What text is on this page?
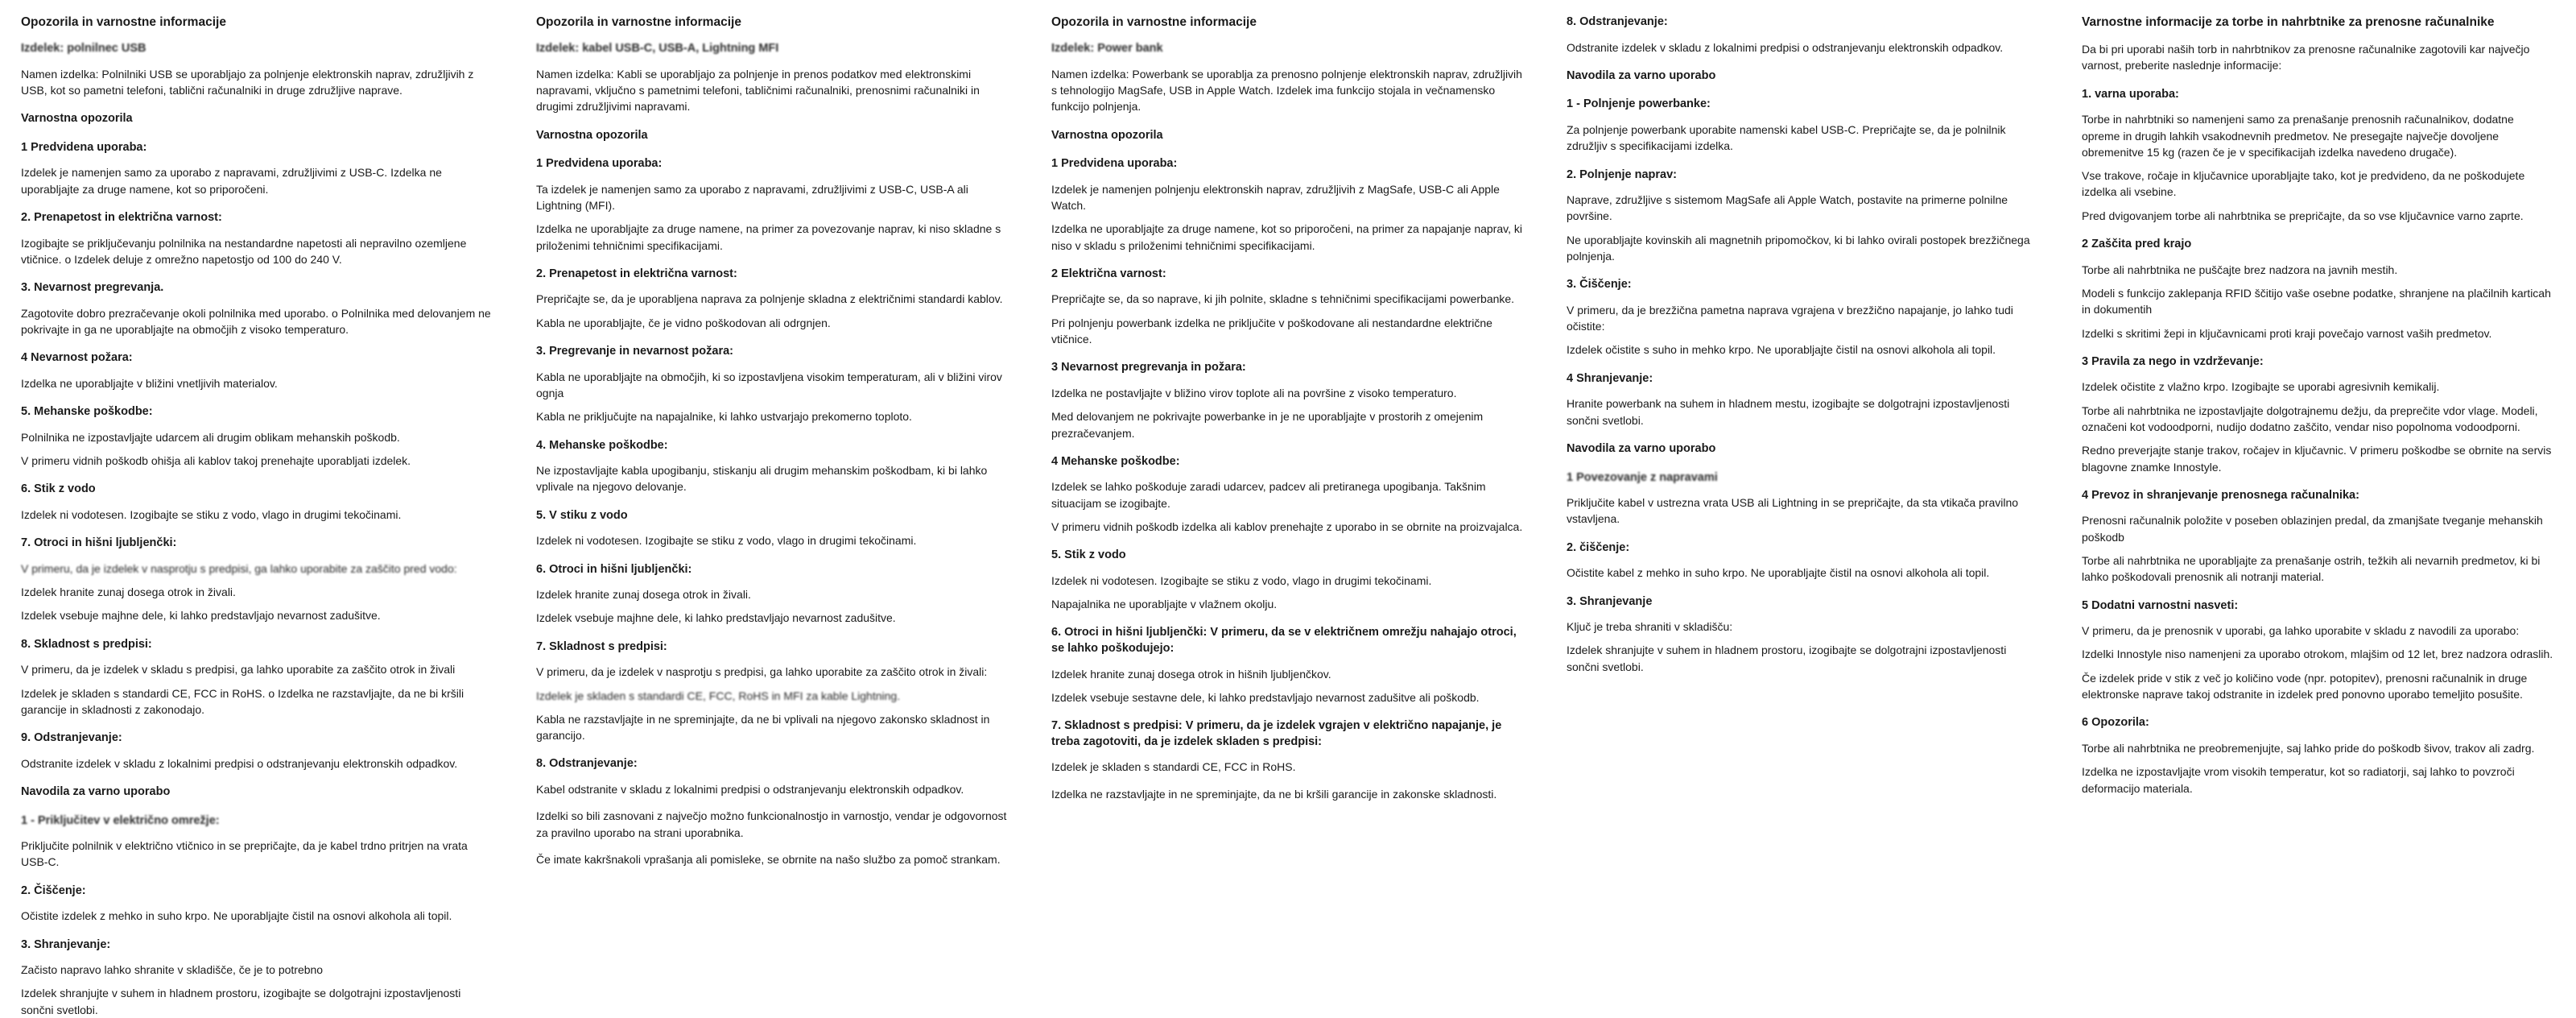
Opozorila in varnostne informacije
Izdelek: polnilnec USB

Namen izdelka: Polnilniki USB se uporabljajo za polnjenje elektronskih naprav, združljivih z USB, kot so pametni telefoni, tablični računalniki in druge združljive naprave.

Varnostna opozorila
1 Predvidena uporaba:

Izdelek je namenjen samo za uporabo z napravami, združljivimi z USB-C. Izdelka ne uporabljajte za druge namene, kot so priporočeni.

2. Prenapetost in električna varnost:

Izogibajte se priključevanju polnilnika na nestandardne napetosti ali nepravilno ozemljene vtičnice. o Izdelek deluje z omrežno napetostjo od 100 do 240 V.

3. Nevarnost pregrevanja.

Zagotovite dobro prezračevanje okoli polnilnika med uporabo. o Polnilnika med delovanjem ne pokrivajte in ga ne uporabljajte na območjih z visoko temperaturo.

4 Nevarnost požara:

Izdelka ne uporabljajte v bližini vnetljivih materialov.

5. Mehanske poškodbe:

Polnilnika ne izpostavljajte udarcem ali drugim oblikam mehanskih poškodb.

V primeru vidnih poškodb ohišja ali kablov takoj prenehajte uporabljati izdelek.

6. Stik z vodo

Izdelek ni vodotesen. Izogibajte se stiku z vodo, vlago in drugimi tekočinami.

7. Otroci in hišni ljubljenčki:

V primeru, da je izdelek v nasprotju s predpisi, ga lahko uporabite za zaščito pred vodo:

Izdelek hranite zunaj dosega otrok in živali.

Izdelek vsebuje majhne dele, ki lahko predstavljajo nevarnost zadušitve.

8. Skladnost s predpisi:

V primeru, da je izdelek v skladu s predpisi, ga lahko uporabite za zaščito otrok in živali

Izdelek je skladen s standardi CE, FCC in RoHS. o Izdelka ne razstavljajte, da ne bi kršili garancije in skladnosti z zakonodajo.

9. Odstranjevanje:

Odstranite izdelek v skladu z lokalnimi predpisi o odstranjevanju elektronskih odpadkov.

Navodila za varno uporabo
1 - Priključitev v električno omrežje:

Priključite polnilnik v električno vtičnico in se prepričajte, da je kabel trdno pritrjen na vrata USB-C.

2. Čiščenje:

Očistite izdelek z mehko in suho krpo. Ne uporabljajte čistil na osnovi alkohola ali topil.

3. Shranjevanje:

Začisto napravo lahko shranite v skladišče, če je to potrebno

Izdelek shranjujte v suhem in hladnem prostoru, izogibajte se dolgotrajni izpostavljenosti sončni svetlobi.

Opozorila in varnostne informacije
Izdelek: kabel USB-C, USB-A, Lightning MFI

Namen izdelka: Kabli se uporabljajo za polnjenje in prenos podatkov med elektronskimi napravami, vključno s pametnimi telefoni, tabličnimi računalniki, prenosnimi računalniki in drugimi združljivimi napravami.

Varnostna opozorila
1 Predvidena uporaba:

Ta izdelek je namenjen samo za uporabo z napravami, združljivimi z USB-C, USB-A ali Lightning (MFI).

Izdelka ne uporabljajte za druge namene, na primer za povezovanje naprav, ki niso skladne s priloženimi tehničnimi specifikacijami.

2. Prenapetost in električna varnost:

Prepričajte se, da je uporabljena naprava za polnjenje skladna z električnimi standardi kablov.

Kabla ne uporabljajte, če je vidno poškodovan ali odrgnjen.

3. Pregrevanje in nevarnost požara:

Kabla ne uporabljajte na območjih, ki so izpostavljena visokim temperaturam, ali v bližini virov ognja

Kabla ne priključujte na napajalnike, ki lahko ustvarjajo prekomerno toploto.

4. Mehanske poškodbe:

Ne izpostavljajte kabla upogibanju, stiskanju ali drugim mehanskim poškodbam, ki bi lahko vplivale na njegovo delovanje.

5. V stiku z vodo

Izdelek ni vodotesen. Izogibajte se stiku z vodo, vlago in drugimi tekočinami.

6. Otroci in hišni ljubljenčki:

Izdelek hranite zunaj dosega otrok in živali.

Izdelek vsebuje majhne dele, ki lahko predstavljajo nevarnost zadušitve.

7. Skladnost s predpisi:

V primeru, da je izdelek v nasprotju s predpisi, ga lahko uporabite za zaščito otrok in živali:

Izdelek je skladen s standardi CE, FCC, RoHS in MFI za kable Lightning.

Kabla ne razstavljajte in ne spreminjajte, da ne bi vplivali na njegovo zakonsko skladnost in garancijo.

8. Odstranjevanje:

Kabel odstranite v skladu z lokalnimi predpisi o odstranjevanju elektronskih odpadkov.

Izdelki so bili zasnovani z največjo možno funkcionalnostjo in varnostjo, vendar je odgovornost za pravilno uporabo na strani uporabnika.

Če imate kakršnakoli vprašanja ali pomisleke, se obrnite na našo službo za pomoč strankam.

Opozorila in varnostne informacije
Izdelek: Power bank

Namen izdelka: Powerbank se uporablja za prenosno polnjenje elektronskih naprav, združljivih s tehnologijo MagSafe, USB in Apple Watch. Izdelek ima funkcijo stojala in večnamensko funkcijo polnjenja.

Varnostna opozorila
1 Predvidena uporaba:

Izdelek je namenjen polnjenju elektronskih naprav, združljivih z MagSafe, USB-C ali Apple Watch.

Izdelka ne uporabljajte za druge namene, kot so priporočeni, na primer za napajanje naprav, ki niso v skladu s priloženimi tehničnimi specifikacijami.

2 Električna varnost:

Prepričajte se, da so naprave, ki jih polnite, skladne s tehničnimi specifikacijami powerbanke.

Pri polnjenju powerbank izdelka ne priključite v poškodovane ali nestandardne električne vtičnice.

3 Nevarnost pregrevanja in požara:

Izdelka ne postavljajte v bližino virov toplote ali na površine z visoko temperaturo.

Med delovanjem ne pokrivajte powerbanke in je ne uporabljajte v prostorih z omejenim prezračevanjem.

4 Mehanske poškodbe:

Izdelek se lahko poškoduje zaradi udarcev, padcev ali pretiranega upogibanja. Takšnim situacijam se izogibajte.

V primeru vidnih poškodb izdelka ali kablov prenehajte z uporabo in se obrnite na proizvajalca.

5. Stik z vodo

Izdelek ni vodotesen. Izogibajte se stiku z vodo, vlago in drugimi tekočinami.

Napajalnika ne uporabljajte v vlažnem okolju.

6. Otroci in hišni ljubljenčki: V primeru, da se v električnem omrežju nahajajo otroci, se lahko poškodujejo:

Izdelek hranite zunaj dosega otrok in hišnih ljubljenčkov.

Izdelek vsebuje sestavne dele, ki lahko predstavljajo nevarnost zadušitve ali poškodb.

7. Skladnost s predpisi: V primeru, da je izdelek vgrajen v električno napajanje, je treba zagotoviti, da je izdelek skladen s predpisi:

Izdelek je skladen s standardi CE, FCC in RoHS.

Izdelka ne razstavljajte in ne spreminjajte, da ne bi kršili garancije in zakonske skladnosti.

8. Odstranjevanje:

Odstranite izdelek v skladu z lokalnimi predpisi o odstranjevanju elektronskih odpadkov.

Navodila za varno uporabo
1 - Polnjenje powerbanke:

Za polnjenje powerbank uporabite namenski kabel USB-C. Prepričajte se, da je polnilnik združljiv s specifikacijami izdelka.

2. Polnjenje naprav:

Naprave, združljive s sistemom MagSafe ali Apple Watch, postavite na primerne polnilne površine.

Ne uporabljajte kovinskih ali magnetnih pripomočkov, ki bi lahko ovirali postopek brezžičnega polnjenja.

3. Čiščenje:

V primeru, da je brezžična pametna naprava vgrajena v brezžično napajanje, jo lahko tudi očistite:

Izdelek očistite s suho in mehko krpo. Ne uporabljajte čistil na osnovi alkohola ali topil.

4 Shranjevanje:

Hranite powerbank na suhem in hladnem mestu, izogibajte se dolgotrajni izpostavljenosti sončni svetlobi.

Navodila za varno uporabo
1 Povezovanje z napravami

Priključite kabel v ustrezna vrata USB ali Lightning in se prepričajte, da sta vtikača pravilno vstavljena.

2. čiščenje:

Očistite kabel z mehko in suho krpo. Ne uporabljajte čistil na osnovi alkohola ali topil.

3. Shranjevanje

Ključ je treba shraniti v skladišču:

Izdelek shranjujte v suhem in hladnem prostoru, izogibajte se dolgotrajni izpostavljenosti sončni svetlobi.

Varnostne informacije za torbe in nahrbtnike za prenosne računalnike

Da bi pri uporabi naših torb in nahrbtnikov za prenosne računalnike zagotovili kar največjo varnost, preberite naslednje informacije:

1. varna uporaba:

Torbe in nahrbtniki so namenjeni samo za prenašanje prenosnih računalnikov, dodatne opreme in drugih lahkih vsakodnevnih predmetov. Ne presegajte največje dovoljene obremenitve 15 kg (razen če je v specifikacijah izdelka navedeno drugače).

Vse trakove, ročaje in ključavnice uporabljajte tako, kot je predvideno, da ne poškodujete izdelka ali vsebine.

Pred dvigovanjem torbe ali nahrbtnika se prepričajte, da so vse ključavnice varno zaprte.

2 Zaščita pred krajo

Torbe ali nahrbtnika ne puščajte brez nadzora na javnih mestih.

Modeli s funkcijo zaklepanja RFID ščitijo vaše osebne podatke, shranjene na plačilnih karticah in dokumentih

Izdelki s skritimi žepi in ključavnicami proti kraji povečajo varnost vaših predmetov.

3 Pravila za nego in vzdrževanje:

Izdelek očistite z vlažno krpo. Izogibajte se uporabi agresivnih kemikalij.

Torbe ali nahrbtnika ne izpostavljajte dolgotrajnemu dežju, da preprečite vdor vlage. Modeli, označeni kot vodoodporni, nudijo dodatno zaščito, vendar niso popolnoma vodoodporni.

Redno preverjajte stanje trakov, ročajev in ključavnic. V primeru poškodbe se obrnite na servis blagovne znamke Innostyle.

4 Prevoz in shranjevanje prenosnega računalnika:

Prenosni računalnik položite v poseben oblazinjen predal, da zmanjšate tveganje mehanskih poškodb

Torbe ali nahrbtnika ne uporabljajte za prenašanje ostrih, težkih ali nevarnih predmetov, ki bi lahko poškodovali prenosnik ali notranji material.

5 Dodatni varnostni nasveti:

V primeru, da je prenosnik v uporabi, ga lahko uporabite v skladu z navodili za uporabo:

Izdelki Innostyle niso namenjeni za uporabo otrokom, mlajšim od 12 let, brez nadzora odraslih.

Če izdelek pride v stik z več jo količino vode (npr. potopitev), prenosni računalnik in druge elektronske naprave takoj odstranite in izdelek pred ponovno uporabo temeljito posušite.

6 Opozorila:

Torbe ali nahrbtnika ne preobremenjujte, saj lahko pride do poškodb šivov, trakov ali zadrg.

Izdelka ne izpostavljajte vrom visokih temperatur, kot so radiatorji, saj lahko to povzroči deformacijo materiala.
